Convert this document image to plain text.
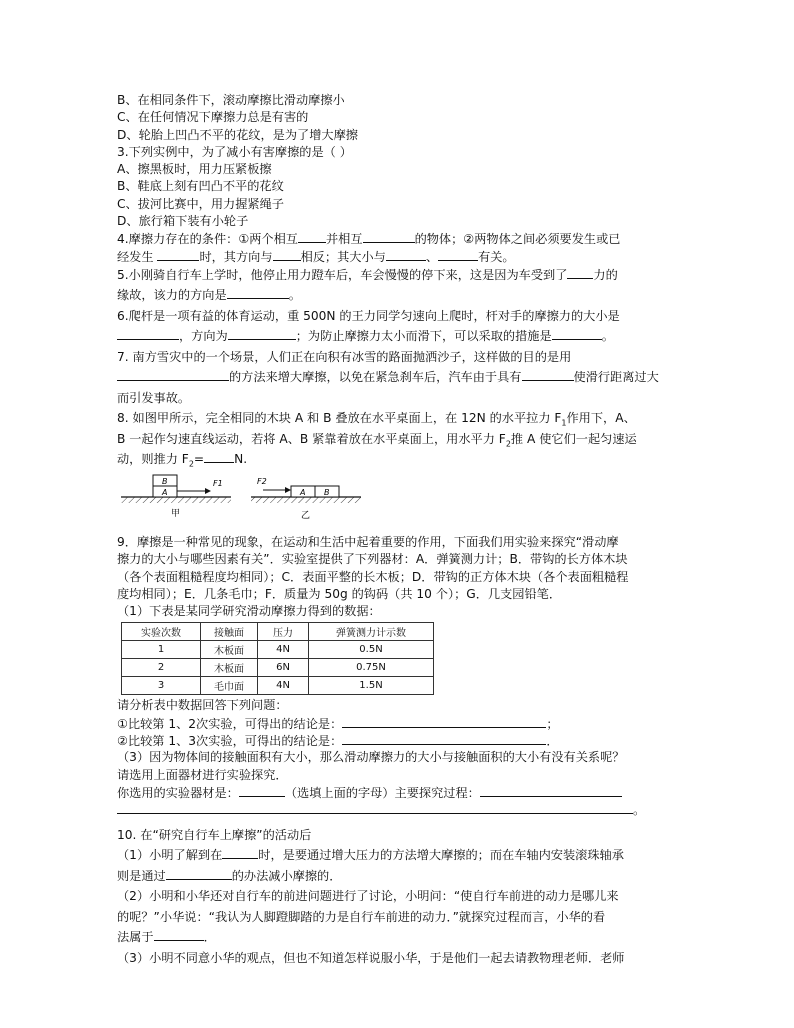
B、在相同条件下，滚动摩擦比滑动摩擦小
C、在任何情况下摩擦力总是有害的
D、轮胎上凹凸不平的花纹，是为了增大摩擦
3.下列实例中，为了减小有害摩擦的是（ ）
A、擦黑板时，用力压紧板擦
B、鞋底上刻有凹凸不平的花纹
C、拔河比赛中，用力握紧绳子
D、旅行箱下装有小轮子
4.摩擦力存在的条件：①两个相互 并相互	的物体；②两物体之间必须要发生或已
经发生	时，其方向与 相反；其大小与	、	有关。
5.小刚骑自行车上学时，他停止用力蹬车后，车会慢慢的停下来，这是因为车受到了 力的
缘故，该力的方向是	。
6.爬杆是一项有益的体育运动，重 500N 的王力同学匀速向上爬时，杆对手的摩擦力的大小是
，方向为	；为防止摩擦力太小而滑下，可以采取的措施是	。
7. 南方雪灾中的一个场景，人们正在向积有冰雪的路面抛洒沙子，这样做的目的是用
的方法来增大摩擦，以免在紧急刹车后，汽车由于具有	使滑行距离过大
而引发事故。
8. 如图甲所示，完全相同的木块 A 和 B 叠放在水平桌面上，在 12N 的水平拉力 $F_1$作用下，A、
B 一起作匀速直线运动，若将 A、B 紧靠着放在水平桌面上，用水平力 $F_2$推 A 使它们一起匀速运
动，则推力 $F_2= N$.
B
A
F1
甲
F2
A B
乙
9．摩擦是一种常见的现象，在运动和生活中起着重要的作用，下面我们用实验来探究“滑动摩
擦力的大小与哪些因素有关”．实验室提供了下列器材：A．弹簧测力计；B．带钩的长方体木块
（各个表面粗糙程度均相同）；C．表面平整的长木板；D．带钩的正方体木块（各个表面粗糙程
度均相同）；E．几条毛巾；F．质量为 50g 的钩码（共 10 个）；G．几支园铅笔．
（1）下表是某同学研究滑动摩擦力得到的数据：
实验次数	接触面	压力	弹簧测力计示数
1	木板面	4N	0.5N
2	木板面	6N	0.75N
3	毛巾面	4N	1.5N
请分析表中数据回答下列问题：
①比较第 1、2次实验，可得出的结论是：	；
②比较第 1、3次实验，可得出的结论是：	．
（3）因为物体间的接触面积有大小，那么滑动摩擦力的大小与接触面积的大小有没有关系呢？
请选用上面器材进行实验探究．
你选用的实验器材是：	（选填上面的字母）主要探究过程：
。
10. 在“研究自行车上摩擦”的活动后
（1）小明了解到在	时，是要通过增大压力的方法增大摩擦的；而在车轴内安装滚珠轴承
则是通过	的办法减小摩擦的．
（2）小明和小华还对自行车的前进问题进行了讨论，小明问：“使自行车前进的动力是哪儿来
的呢？”小华说：“我认为人脚蹬脚踏的力是自行车前进的动力．”就探究过程而言，小华的看
法属于	．
（3）小明不同意小华的观点，但也不知道怎样说服小华，于是他们一起去请教物理老师．老师
